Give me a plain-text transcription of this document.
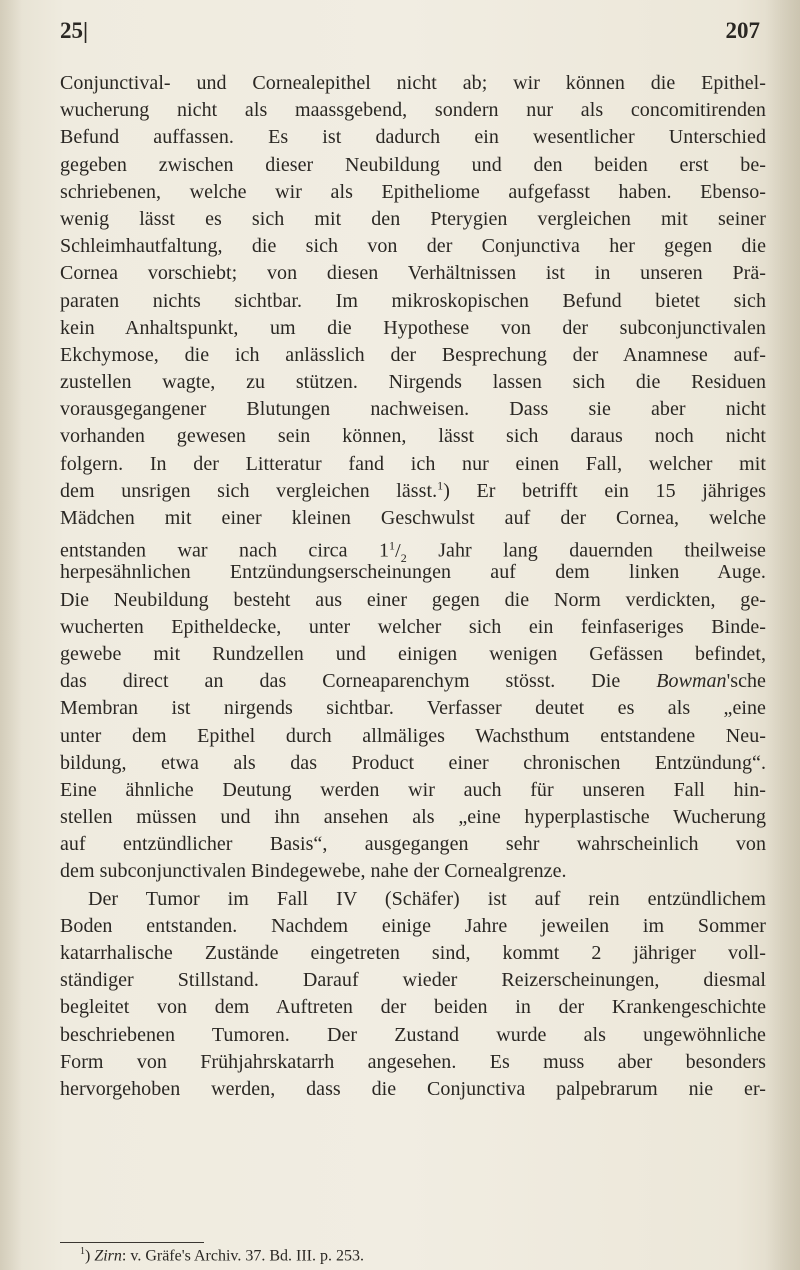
25|	207
Conjunctival- und Cornealepithel nicht ab; wir können die Epithel-
wucherung nicht als maassgebend, sondern nur als concomitirenden
Befund auffassen. Es ist dadurch ein wesentlicher Unterschied
gegeben zwischen dieser Neubildung und den beiden erst be-
schriebenen, welche wir als Epitheliome aufgefasst haben. Ebenso-
wenig lässt es sich mit den Pterygien vergleichen mit seiner
Schleimhautfaltung, die sich von der Conjunctiva her gegen die
Cornea vorschiebt; von diesen Verhältnissen ist in unseren Prä-
paraten nichts sichtbar. Im mikroskopischen Befund bietet sich
kein Anhaltspunkt, um die Hypothese von der subconjunctivalen
Ekchymose, die ich anlässlich der Besprechung der Anamnese auf-
zustellen wagte, zu stützen. Nirgends lassen sich die Residuen
vorausgegangener Blutungen nachweisen. Dass sie aber nicht
vorhanden gewesen sein können, lässt sich daraus noch nicht
folgern. In der Litteratur fand ich nur einen Fall, welcher mit
dem unsrigen sich vergleichen lässt.$^1$) Er betrifft ein 15 jähriges
Mädchen mit einer kleinen Geschwulst auf der Cornea, welche
entstanden war nach circa $1^1/_2$ Jahr lang dauernden theilweise
herpesähnlichen Entzündungserscheinungen auf dem linken Auge.
Die Neubildung besteht aus einer gegen die Norm verdickten, ge-
wucherten Epitheldecke, unter welcher sich ein feinfaseriges Binde-
gewebe mit Rundzellen und einigen wenigen Gefässen befindet,
das direct an das Corneaparenchym stösst. Die Bowman'sche
Membran ist nirgends sichtbar. Verfasser deutet es als „eine
unter dem Epithel durch allmäliges Wachsthum entstandene Neu-
bildung, etwa als das Product einer chronischen Entzündung“.
Eine ähnliche Deutung werden wir auch für unseren Fall hin-
stellen müssen und ihn ansehen als „eine hyperplastische Wucherung
auf entzündlicher Basis“, ausgegangen sehr wahrscheinlich von
dem subconjunctivalen Bindegewebe, nahe der Cornealgrenze.
Der Tumor im Fall IV (Schäfer) ist auf rein entzündlichem
Boden entstanden. Nachdem einige Jahre jeweilen im Sommer
katarrhalische Zustände eingetreten sind, kommt 2 jähriger voll-
ständiger Stillstand. Darauf wieder Reizerscheinungen, diesmal
begleitet von dem Auftreten der beiden in der Krankengeschichte
beschriebenen Tumoren. Der Zustand wurde als ungewöhnliche
Form von Frühjahrskatarrh angesehen. Es muss aber besonders
hervorgehoben werden, dass die Conjunctiva palpebrarum nie er-
$^1$) Zirn: v. Gräfe's Archiv. 37. Bd. III. p. 253.
